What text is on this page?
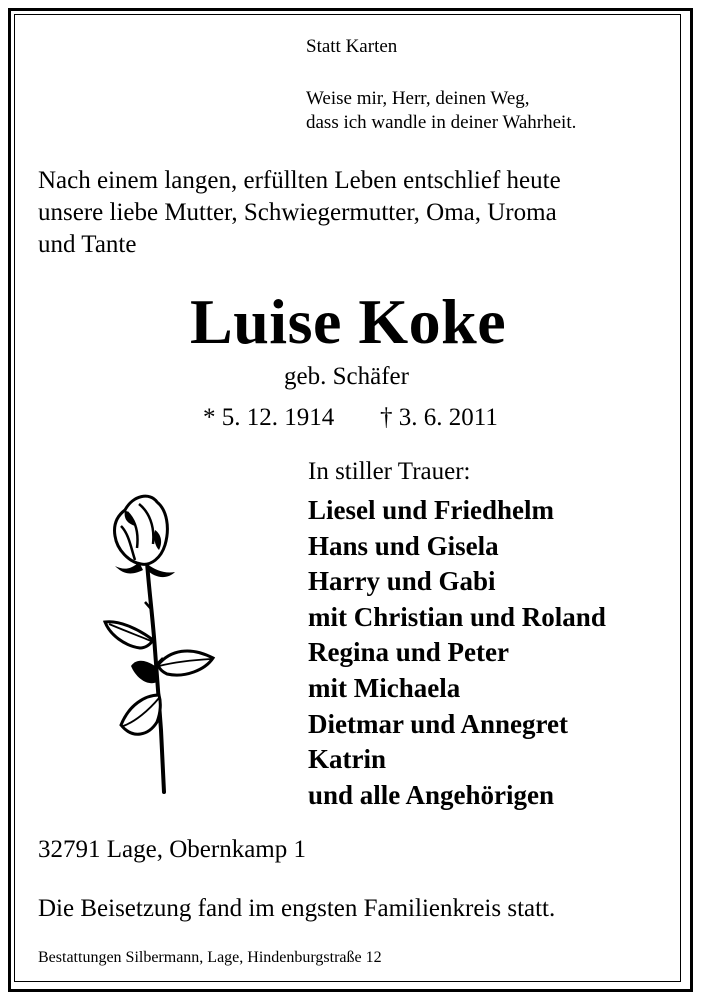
Statt Karten

Weise mir, Herr, deinen Weg,

dass ich wandle in deiner Wahrheit.

Nach einem langen, erfüllten Leben entschlief heute

unsere liebe Mutter, Schwiegermutter, Oma, Uroma

und Tante

Luise Koke

geb. Schäfer

* 5. 12. 1914 † 3. 6. 2011

In stiller Trauer:

Liesel und Friedhelm

Hans und Gisela

Harry und Gabi

mit Christian und Roland

Regina und Peter

mit Michaela

Dietmar und Annegret

Katrin

und alle Angehörigen

32791 Lage, Obernkamp 1

Die Beisetzung fand im engsten Familienkreis statt.

Bestattungen Silbermann, Lage, Hindenburgstraße 12
